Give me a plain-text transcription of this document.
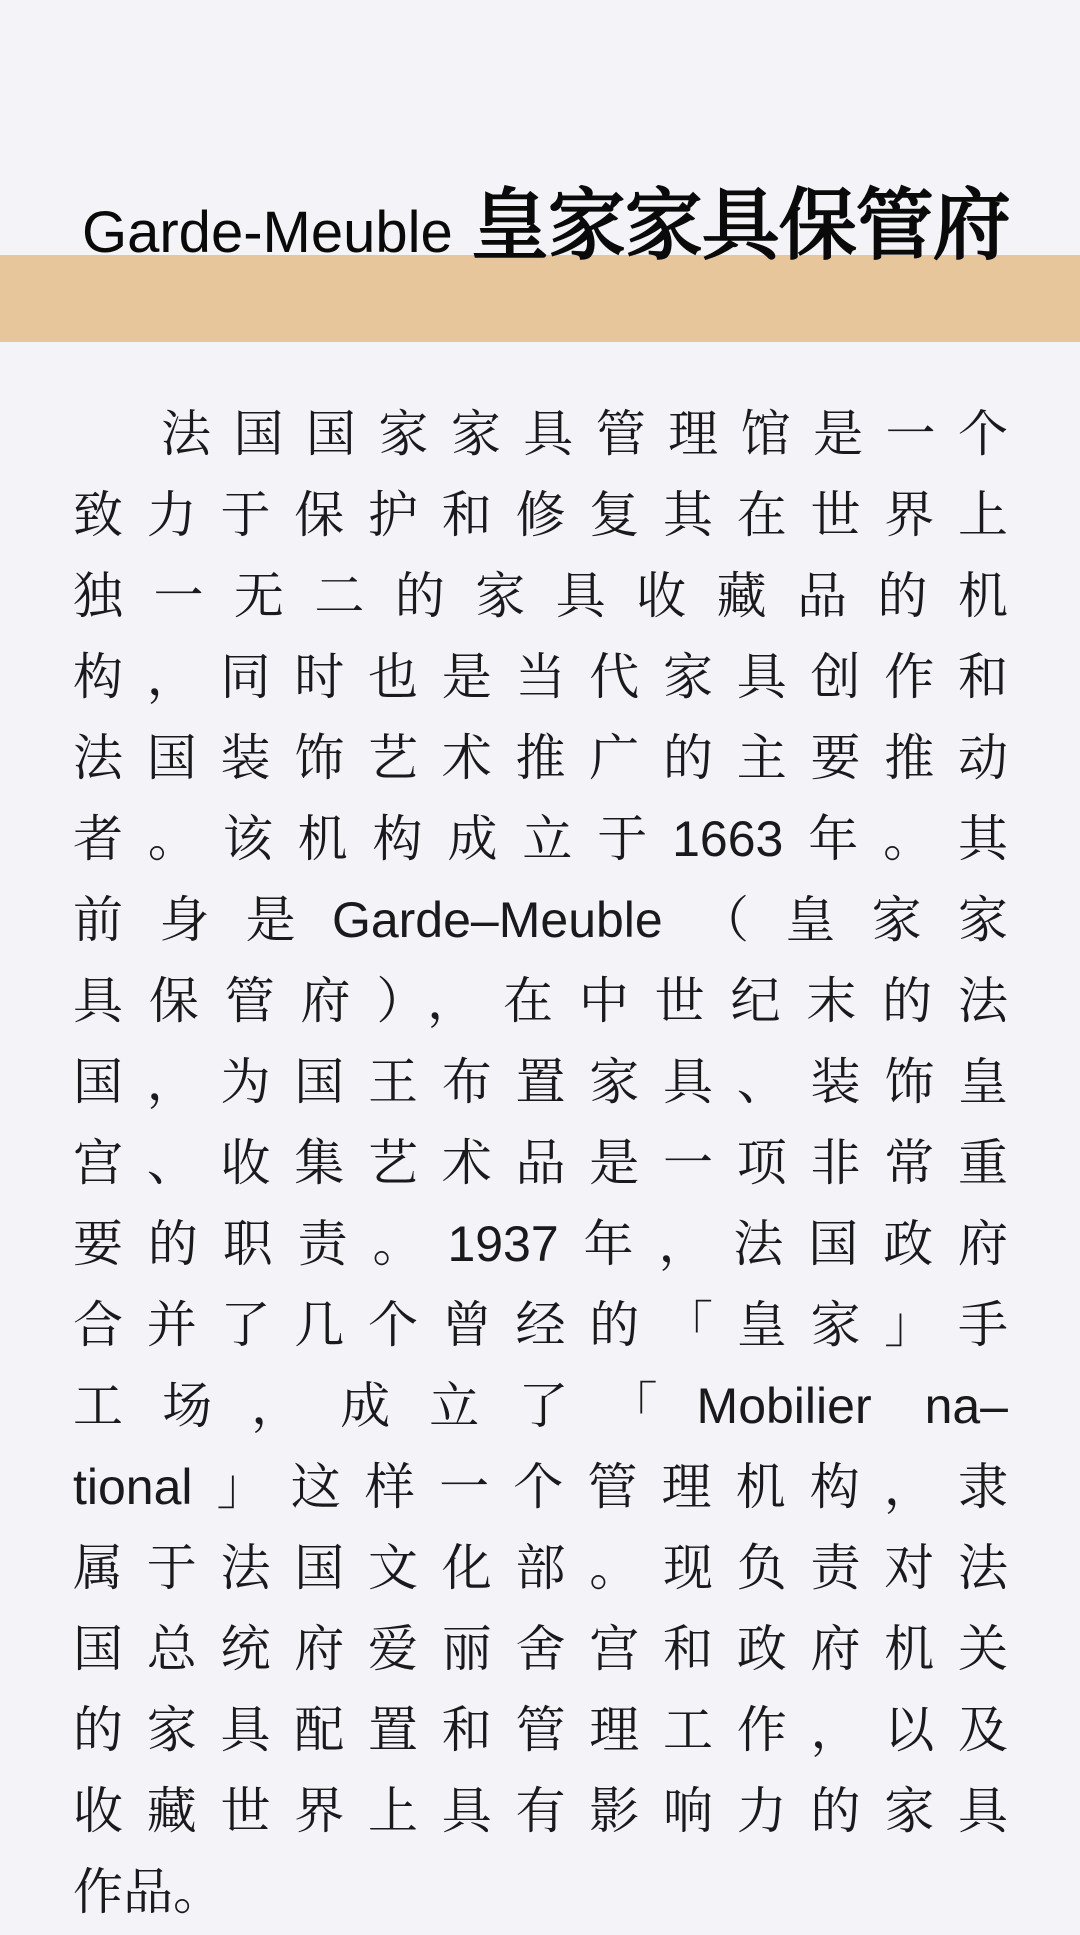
Garde-Meuble 皇家家具保管府
法国国家家具管理馆是一个
致力于保护和修复其在世界上
独一无二的家具收藏品的机
构，同时也是当代家具创作和
法国装饰艺术推广的主要推动
者。该机构成立于1663年。其
前身是Garde–Meuble（皇家家
具保管府），在中世纪末的法
国，为国王布置家具、装饰皇
宫、收集艺术品是一项非常重
要的职责。1937年，法国政府
合并了几个曾经的「皇家」手
工场，成立了「Mobilier na–
tional」这样一个管理机构，隶
属于法国文化部。现负责对法
国总统府爱丽舍宫和政府机关
的家具配置和管理工作，以及
收藏世界上具有影响力的家具
作品。
